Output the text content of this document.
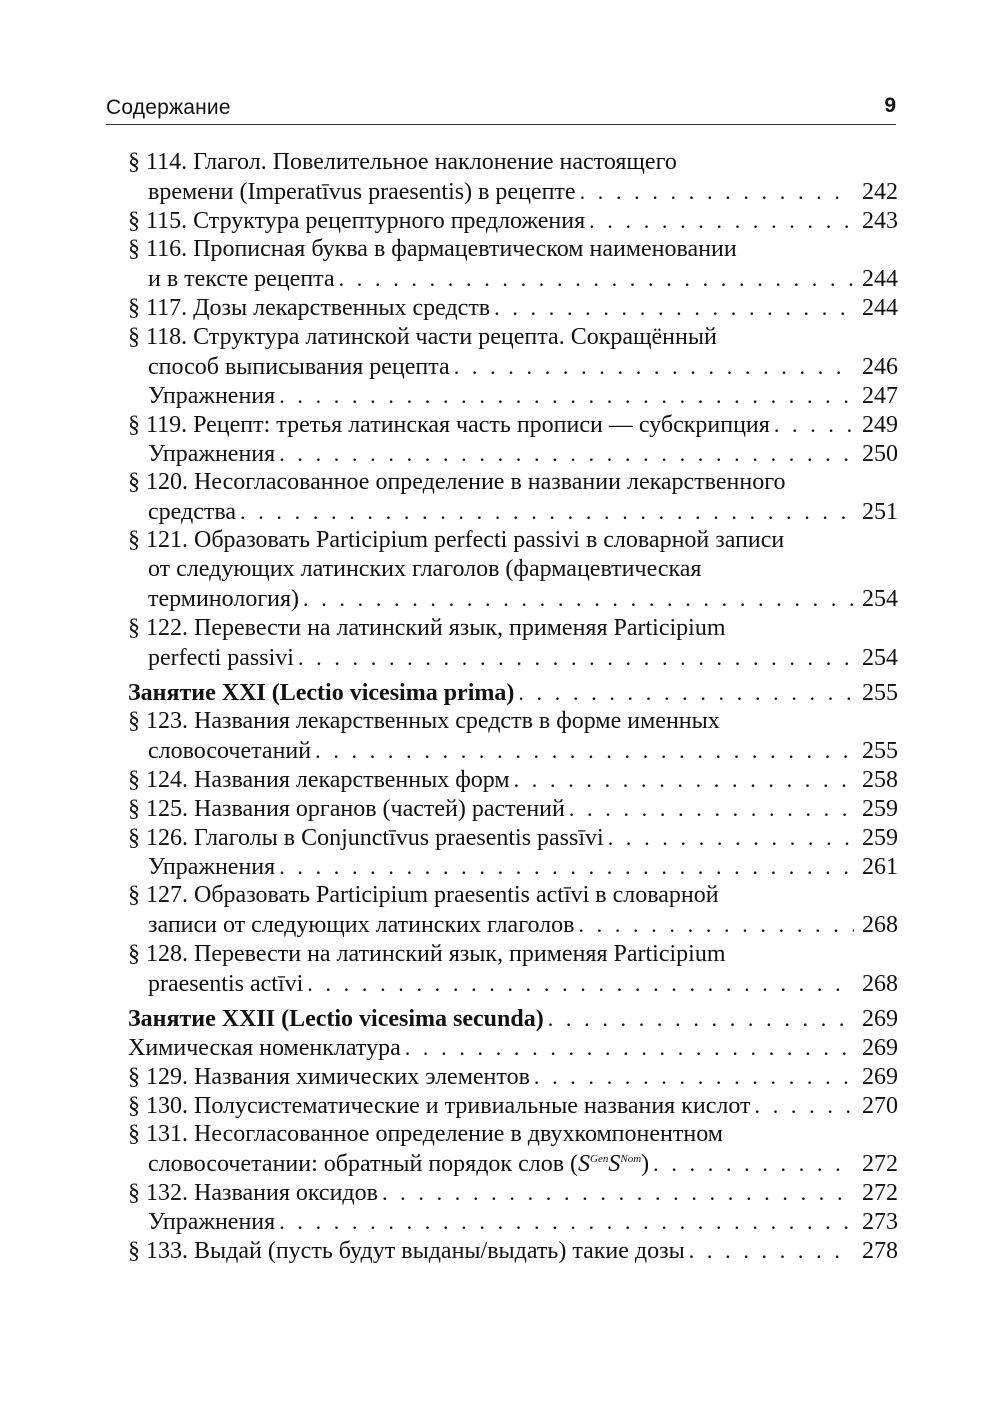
Содержание	9
§ 114. Глагол. Повелительное наклонение настоящего
времени (Imperatīvus praesentis) в рецепте . . .	242
§ 115. Структура рецептурного предложения . . .	243
§ 116. Прописная буква в фармацевтическом наименовании
и в тексте рецепта . . .	244
§ 117. Дозы лекарственных средств . . .	244
§ 118. Структура латинской части рецепта. Сокращённый
способ выписывания рецепта . . .	246
Упражнения . . .	247
§ 119. Рецепт: третья латинская часть прописи — субскрипция . . .	249
Упражнения . . .	250
§ 120. Несогласованное определение в названии лекарственного
средства . . .	251
§ 121. Образовать Participium perfecti passivi в словарной записи
от следующих латинских глаголов (фармацевтическая
терминология) . . .	254
§ 122. Перевести на латинский язык, применяя Participium
perfecti passivi . . .	254
Занятие XXI (Lectio vicesima prima) . . .	255
§ 123. Названия лекарственных средств в форме именных
словосочетаний . . .	255
§ 124. Названия лекарственных форм . . .	258
§ 125. Названия органов (частей) растений . . .	259
§ 126. Глаголы в Conjunctīvus praesentis passīvi . . .	259
Упражнения . . .	261
§ 127. Образовать Participium praesentis actīvi в словарной
записи от следующих латинских глаголов . . .	268
§ 128. Перевести на латинский язык, применяя Participium
praesentis actīvi . . .	268
Занятие XXII (Lectio vicesima secunda) . . .	269
Химическая номенклатура . . .	269
§ 129. Названия химических элементов . . .	269
§ 130. Полусистематические и тривиальные названия кислот . . .	270
§ 131. Несогласованное определение в двухкомпонентном
словосочетании: обратный порядок слов $(S^{Gen}S^{Nom})$ . . .	272
§ 132. Названия оксидов . . .	272
Упражнения . . .	273
§ 133. Выдай (пусть будут выданы/выдать) такие дозы . . .	278
